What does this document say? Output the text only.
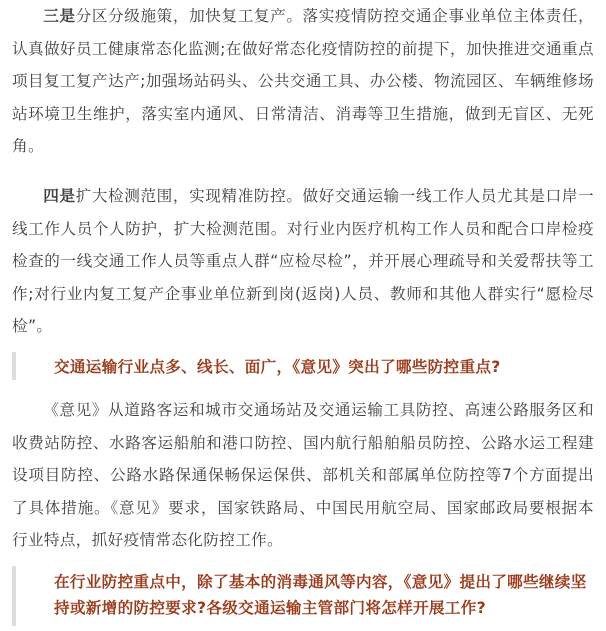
三是分区分级施策，加快复工复产。落实疫情防控交通企事业单位主体责任，认真做好员工健康常态化监测;在做好常态化疫情防控的前提下，加快推进交通重点项目复工复产达产;加强场站码头、公共交通工具、办公楼、物流园区、车辆维修场站环境卫生维护，落实室内通风、日常清洁、消毒等卫生措施，做到无盲区、无死角。

四是扩大检测范围，实现精准防控。做好交通运输一线工作人员尤其是口岸一线工作人员个人防护，扩大检测范围。对行业内医疗机构工作人员和配合口岸检疫检查的一线交通工作人员等重点人群“应检尽检”，并开展心理疏导和关爱帮扶等工作;对行业内复工复产企事业单位新到岗(返岗)人员、教师和其他人群实行“愿检尽检”。

交通运输行业点多、线长、面广，《意见》突出了哪些防控重点?

《意见》从道路客运和城市交通场站及交通运输工具防控、高速公路服务区和收费站防控、水路客运船舶和港口防控、国内航行船舶船员防控、公路水运工程建设项目防控、公路水路保通保畅保运保供、部机关和部属单位防控等7个方面提出了具体措施。《意见》要求，国家铁路局、中国民用航空局、国家邮政局要根据本行业特点，抓好疫情常态化防控工作。

在行业防控重点中，除了基本的消毒通风等内容，《意见》提出了哪些继续坚持或新增的防控要求?各级交通运输主管部门将怎样开展工作?
